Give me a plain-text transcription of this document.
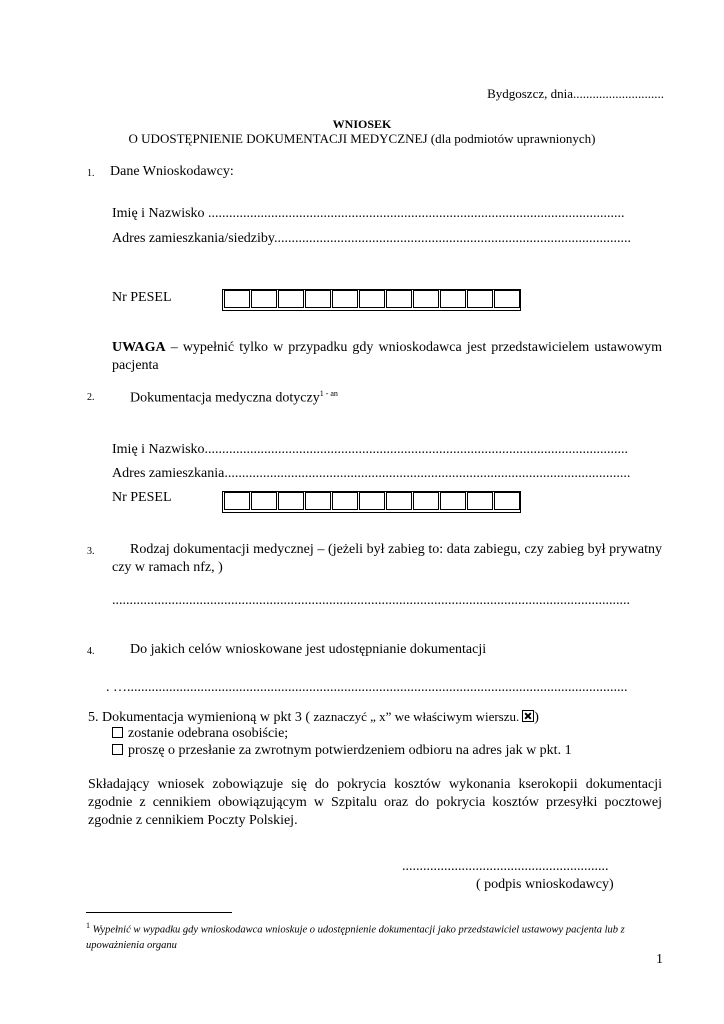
Bydgoszcz, dnia............................
WNIOSEK
O UDOSTĘPNIENIE DOKUMENTACJI MEDYCZNEJ (dla podmiotów uprawnionych)
1. Dane Wnioskodawcy:
Imię i Nazwisko .......................................................................................................................
Adres zamieszkania/siedziby......................................................................................................
Nr PESEL
UWAGA – wypełnić tylko w przypadku gdy wnioskodawca jest przedstawicielem ustawowym pacjenta
2.	Dokumentacja medyczna dotyczy$^{1 - an}$
Imię i Nazwisko.........................................................................................................................
Adres zamieszkania....................................................................................................................
Nr PESEL
3.	Rodzaj dokumentacji medycznej – (jeżeli był zabieg to: data zabiegu, czy zabieg był prywatny czy w ramach nfz, )
....................................................................................................................................................
4.	Do jakich celów wnioskowane jest udostępnianie dokumentacji
. …...............................................................................................................................................
5. Dokumentacja wymienioną w pkt 3 ( zaznaczyć „ x” we właściwym wierszu. )
zostanie odebrana osobiście;
proszę o przesłanie za zwrotnym potwierdzeniem odbioru na adres jak w pkt. 1
Składający wniosek zobowiązuje się do pokrycia kosztów wykonania kserokopii dokumentacji zgodnie z cennikiem obowiązującym w Szpitalu oraz do pokrycia kosztów przesyłki pocztowej zgodnie z cennikiem Poczty Polskiej.
...........................................................
( podpis wnioskodawcy)
$^1$ Wypełnić w wypadku gdy wnioskodawca wnioskuje o udostępnienie dokumentacji jako przedstawiciel ustawowy pacjenta lub z upoważnienia organu
1
